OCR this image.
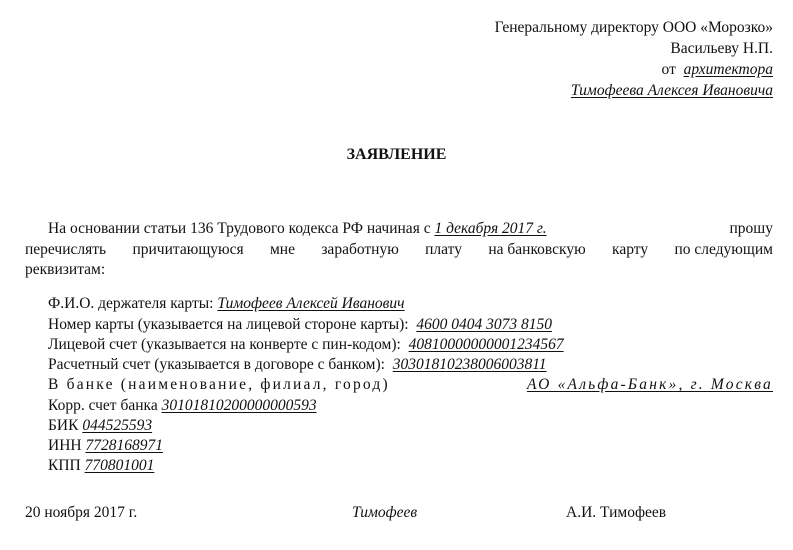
Генеральному директору ООО «Морозко»
Васильеву Н.П.
от архитектора
Тимофеева Алексея Ивановича
ЗАЯВЛЕНИЕ
На основании статьи 136 Трудового кодекса РФ начиная с 1 декабря 2017 г.	прошу
перечислять причитающуюся мне заработную плату на банковскую карту по следующим
реквизитам:
Ф.И.О. держателя карты: Тимофеев Алексей Иванович
Номер карты (указывается на лицевой стороне карты): 4600 0404 3073 8150
Лицевой счет (указывается на конверте с пин-кодом): 40810000000001234567
Расчетный счет (указывается в договоре с банком): 30301810238006003811
В банке (наименование, филиал, город)	АО «Альфа-Банк», г. Москва
Корр. счет банка 30101810200000000593
БИК 044525593
ИНН 7728168971
КПП 770801001
20 ноября 2017 г.	Тимофеев	А.И. Тимофеев
